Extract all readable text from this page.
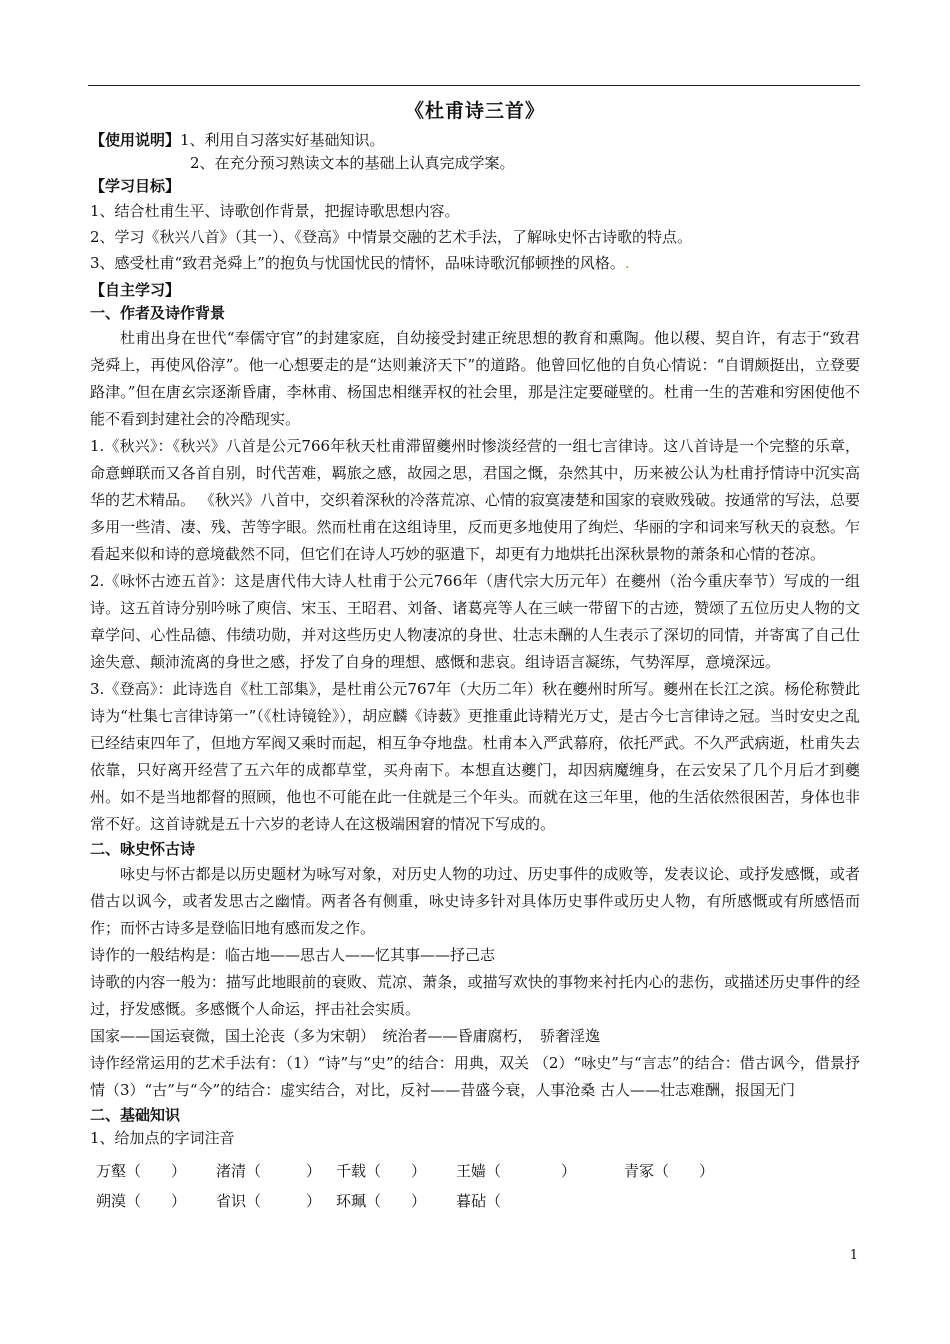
《杜甫诗三首》

【使用说明】1、利用自习落实好基础知识。

2、在充分预习熟读文本的基础上认真完成学案。

【学习目标】

1、结合杜甫生平、诗歌创作背景，把握诗歌思想内容。

2、学习《秋兴八首》（其一）、《登高》中情景交融的艺术手法，了解咏史怀古诗歌的特点。

3、感受杜甫“致君尧舜上”的抱负与忧国忧民的情怀，品味诗歌沉郁顿挫的风格。.

【自主学习】

一、作者及诗作背景

杜甫出身在世代“奉儒守官”的封建家庭，自幼接受封建正统思想的教育和熏陶。他以稷、契自许，有志于“致君尧舜上，再使风俗淳”。他一心想要走的是“达则兼济天下”的道路。他曾回忆他的自负心情说：“自谓颇挺出，立登要路津。”但在唐玄宗逐渐昏庸，李林甫、杨国忠相继弄权的社会里，那是注定要碰壁的。杜甫一生的苦难和穷困使他不能不看到封建社会的冷酷现实。

1.《秋兴》：《秋兴》八首是公元766年秋天杜甫滞留夔州时惨淡经营的一组七言律诗。这八首诗是一个完整的乐章，命意蝉联而又各首自别，时代苦难，羁旅之感，故园之思，君国之慨，杂然其中，历来被公认为杜甫抒情诗中沉实高华的艺术精品。 《秋兴》八首中，交织着深秋的冷落荒凉、心情的寂寞凄楚和国家的衰败残破。按通常的写法，总要多用一些清、凄、残、苦等字眼。然而杜甫在这组诗里，反而更多地使用了绚烂、华丽的字和词来写秋天的哀愁。乍看起来似和诗的意境截然不同，但它们在诗人巧妙的驱遣下，却更有力地烘托出深秋景物的萧条和心情的苍凉。

2.《咏怀古迹五首》：这是唐代伟大诗人杜甫于公元766年（唐代宗大历元年）在夔州（治今重庆奉节）写成的一组诗。这五首诗分别吟咏了庾信、宋玉、王昭君、刘备、诸葛亮等人在三峡一带留下的古迹，赞颂了五位历史人物的文章学问、心性品德、伟绩功勋，并对这些历史人物凄凉的身世、壮志未酬的人生表示了深切的同情，并寄寓了自己仕途失意、颠沛流离的身世之感，抒发了自身的理想、感慨和悲哀。组诗语言凝练，气势浑厚，意境深远。

3.《登高》：此诗选自《杜工部集》，是杜甫公元767年（大历二年）秋在夔州时所写。夔州在长江之滨。杨伦称赞此诗为“杜集七言律诗第一”（《杜诗镜铨》），胡应麟《诗薮》更推重此诗精光万丈，是古今七言律诗之冠。当时安史之乱已经结束四年了，但地方军阀又乘时而起，相互争夺地盘。杜甫本入严武幕府，依托严武。不久严武病逝，杜甫失去依靠，只好离开经营了五六年的成都草堂，买舟南下。本想直达夔门，却因病魔缠身，在云安呆了几个月后才到夔州。如不是当地都督的照顾，他也不可能在此一住就是三个年头。而就在这三年里，他的生活依然很困苦，身体也非常不好。这首诗就是五十六岁的老诗人在这极端困窘的情况下写成的。

二、咏史怀古诗

咏史与怀古都是以历史题材为咏写对象，对历史人物的功过、历史事件的成败等，发表议论、或抒发感慨，或者借古以讽今，或者发思古之幽情。两者各有侧重，咏史诗多针对具体历史事件或历史人物，有所感慨或有所感悟而作；而怀古诗多是登临旧地有感而发之作。

诗作的一般结构是：临古地——思古人——忆其事——抒己志

诗歌的内容一般为：描写此地眼前的衰败、荒凉、萧条，或描写欢快的事物来衬托内心的悲伤，或描述历史事件的经过，抒发感慨。多感慨个人命运，抨击社会实质。

国家——国运衰微，国土沦丧（多为宋朝）　统治者——昏庸腐朽，　骄奢淫逸

诗作经常运用的艺术手法有：（1）“诗”与“史”的结合：用典，双关 （2）“咏史”与“言志”的结合：借古讽今，借景抒情（3）“古”与“今”的结合：虚实结合，对比，反衬——昔盛今衰，人事沧桑 古人——壮志难酬，报国无门

二、基础知识

1、给加点的字词注音

万壑（　　）	渚清（　　　） 千载（　　）	王嫱（　　　　）	青冢（　　）
朔漠（　　）	省识（　　　） 环珮（　　）	暮砧（　　　
1
